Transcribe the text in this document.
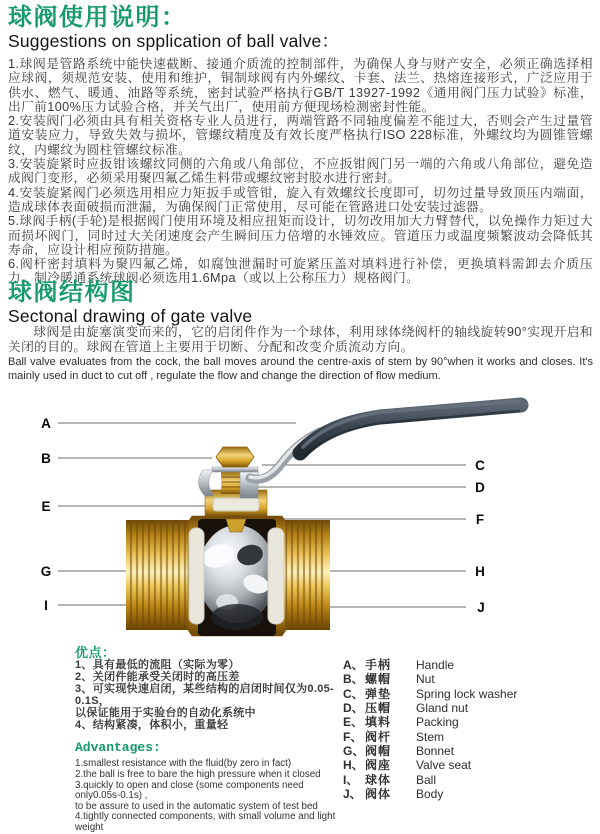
球阀使用说明：
Suggestions on spplication of ball valve：

1.球阀是管路系统中能快速截断、接通介质流的控制部件，为确保人身与财产安全，必须正确选择相应球阀，须规范安装、使用和维护，铜制球阀有内外螺纹、卡套、法兰、热熔连接形式，广泛应用于供水、燃气、暖通、油路等系统，密封试验严格执行GB/T 13927-1992《通用阀门压力试验》标准，出厂前100%压力试验合格，并关气出厂，使用前方便现场检测密封性能。

2.安装阀门必须由具有相关资格专业人员进行，两端管路不同轴度偏差不能过大，否则会产生过量管道安装应力，导致失效与损坏，管螺纹精度及有效长度严格执行ISO 228标准，外螺纹均为圆锥管螺纹，内螺纹为圆柱管螺纹标准。

3.安装旋紧时应扳钳该螺纹同侧的六角或八角部位，不应扳钳阀门另一端的六角或八角部位，避免造成阀门变形，必须采用聚四氟乙烯生料带或螺纹密封胶水进行密封。

4.安装旋紧阀门必须选用相应力矩扳手或管钳，旋入有效螺纹长度即可，切勿过量导致顶压内端面，造成球体表面破损而泄漏，为确保阀门正常使用，尽可能在管路进口处安装过滤器。

5.球阀手柄(手轮)是根据阀门使用环境及相应扭矩而设计，切勿改用加大力臂替代，以免操作力矩过大而损坏阀门，同时过大关闭速度会产生瞬间压力倍增的水锤效应。管道压力或温度频繁波动会降低其寿命，应设计相应预防措施。

6.阀杆密封填料为聚四氟乙烯，如腐蚀泄漏时可旋紧压盖对填料进行补偿，更换填料需卸去介质压力。制冷暖通系统球阀必须选用1.6Mpa（或以上公称压力）规格阀门。

球阀结构图
Sectonal drawing of gate valve
球阀是由旋塞演变而来的，它的启闭件作为一个球体，利用球体绕阀杆的轴线旋转90°实现开启和关闭的目的。球阀在管道上主要用于切断、分配和改变介质流动方向。
Ball valve evaluates from the cock, the ball moves around the centre-axis of stem by 90°when it works and closes. It's mainly used in duct to cut off , regulate the flow and change the direction of flow medium.
A
B
E
G
I
C
D
F
H
J
优点：

1、具有最低的流阻（实际为零）

2、关闭件能承受关闭时的高压差

3、可实现快速启闭，某些结构的启闭时间仅为0.05-0.1S，

以保证能用于实验台的自动化系统中

4、结构紧凑，体积小，重量轻

Advantages:

1.smallest resistance with the fluid(by zero in fact)

2.the ball is free to bare the high pressure when it closed

3.quickly to open and close (some components need only0.05s-0.1s) ,

to be assure to used in the automatic system of test bed

4.tightly connected components, with small volume and light weight

A、 手柄	Handle
B、 螺帽	Nut
C、 弹垫	Spring lock washer
D、 压帽	Gland nut
E、 填料	Packing
F、 阀杆	Stem
G、 阀帽	Bonnet
H、 阀座	Valve seat
I、 球体	Ball
J、 阀体	Body
